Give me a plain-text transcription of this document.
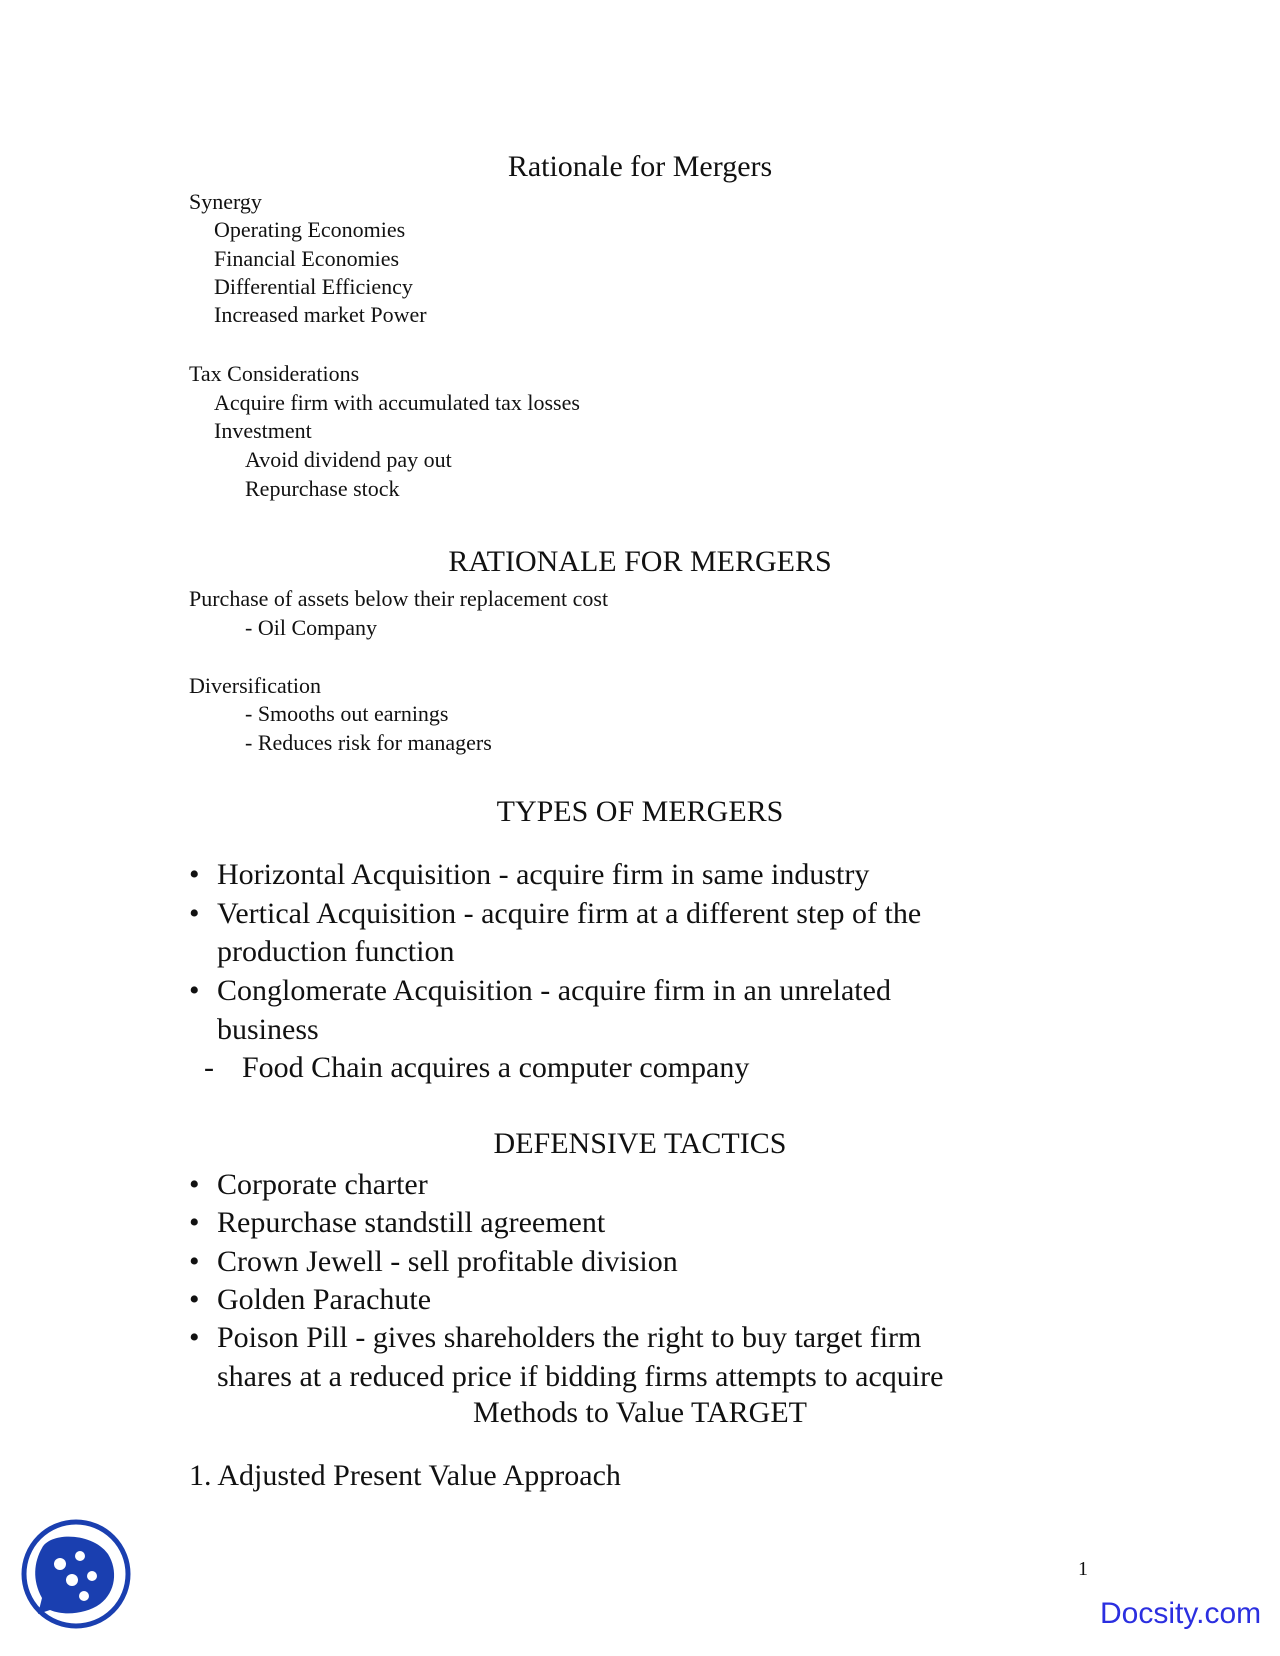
Rationale for Mergers
Synergy
Operating Economies
Financial Economies
Differential Efficiency
Increased market Power
Tax Considerations
Acquire firm with accumulated tax losses
Investment
Avoid dividend pay out
Repurchase stock
RATIONALE FOR MERGERS
Purchase of assets below their replacement cost
- Oil Company
Diversification
- Smooths out earnings
- Reduces risk for managers
TYPES OF MERGERS
• Horizontal Acquisition - acquire firm in same industry
• Vertical Acquisition - acquire firm at a different step of the
production function
• Conglomerate Acquisition - acquire firm in an unrelated
business
- Food Chain acquires a computer company
DEFENSIVE TACTICS
• Corporate charter
• Repurchase standstill agreement
• Crown Jewell - sell profitable division
• Golden Parachute
• Poison Pill - gives shareholders the right to buy target firm
shares at a reduced price if bidding firms attempts to acquire
Methods to Value TARGET
1. Adjusted Present Value Approach
1
Docsity.com
